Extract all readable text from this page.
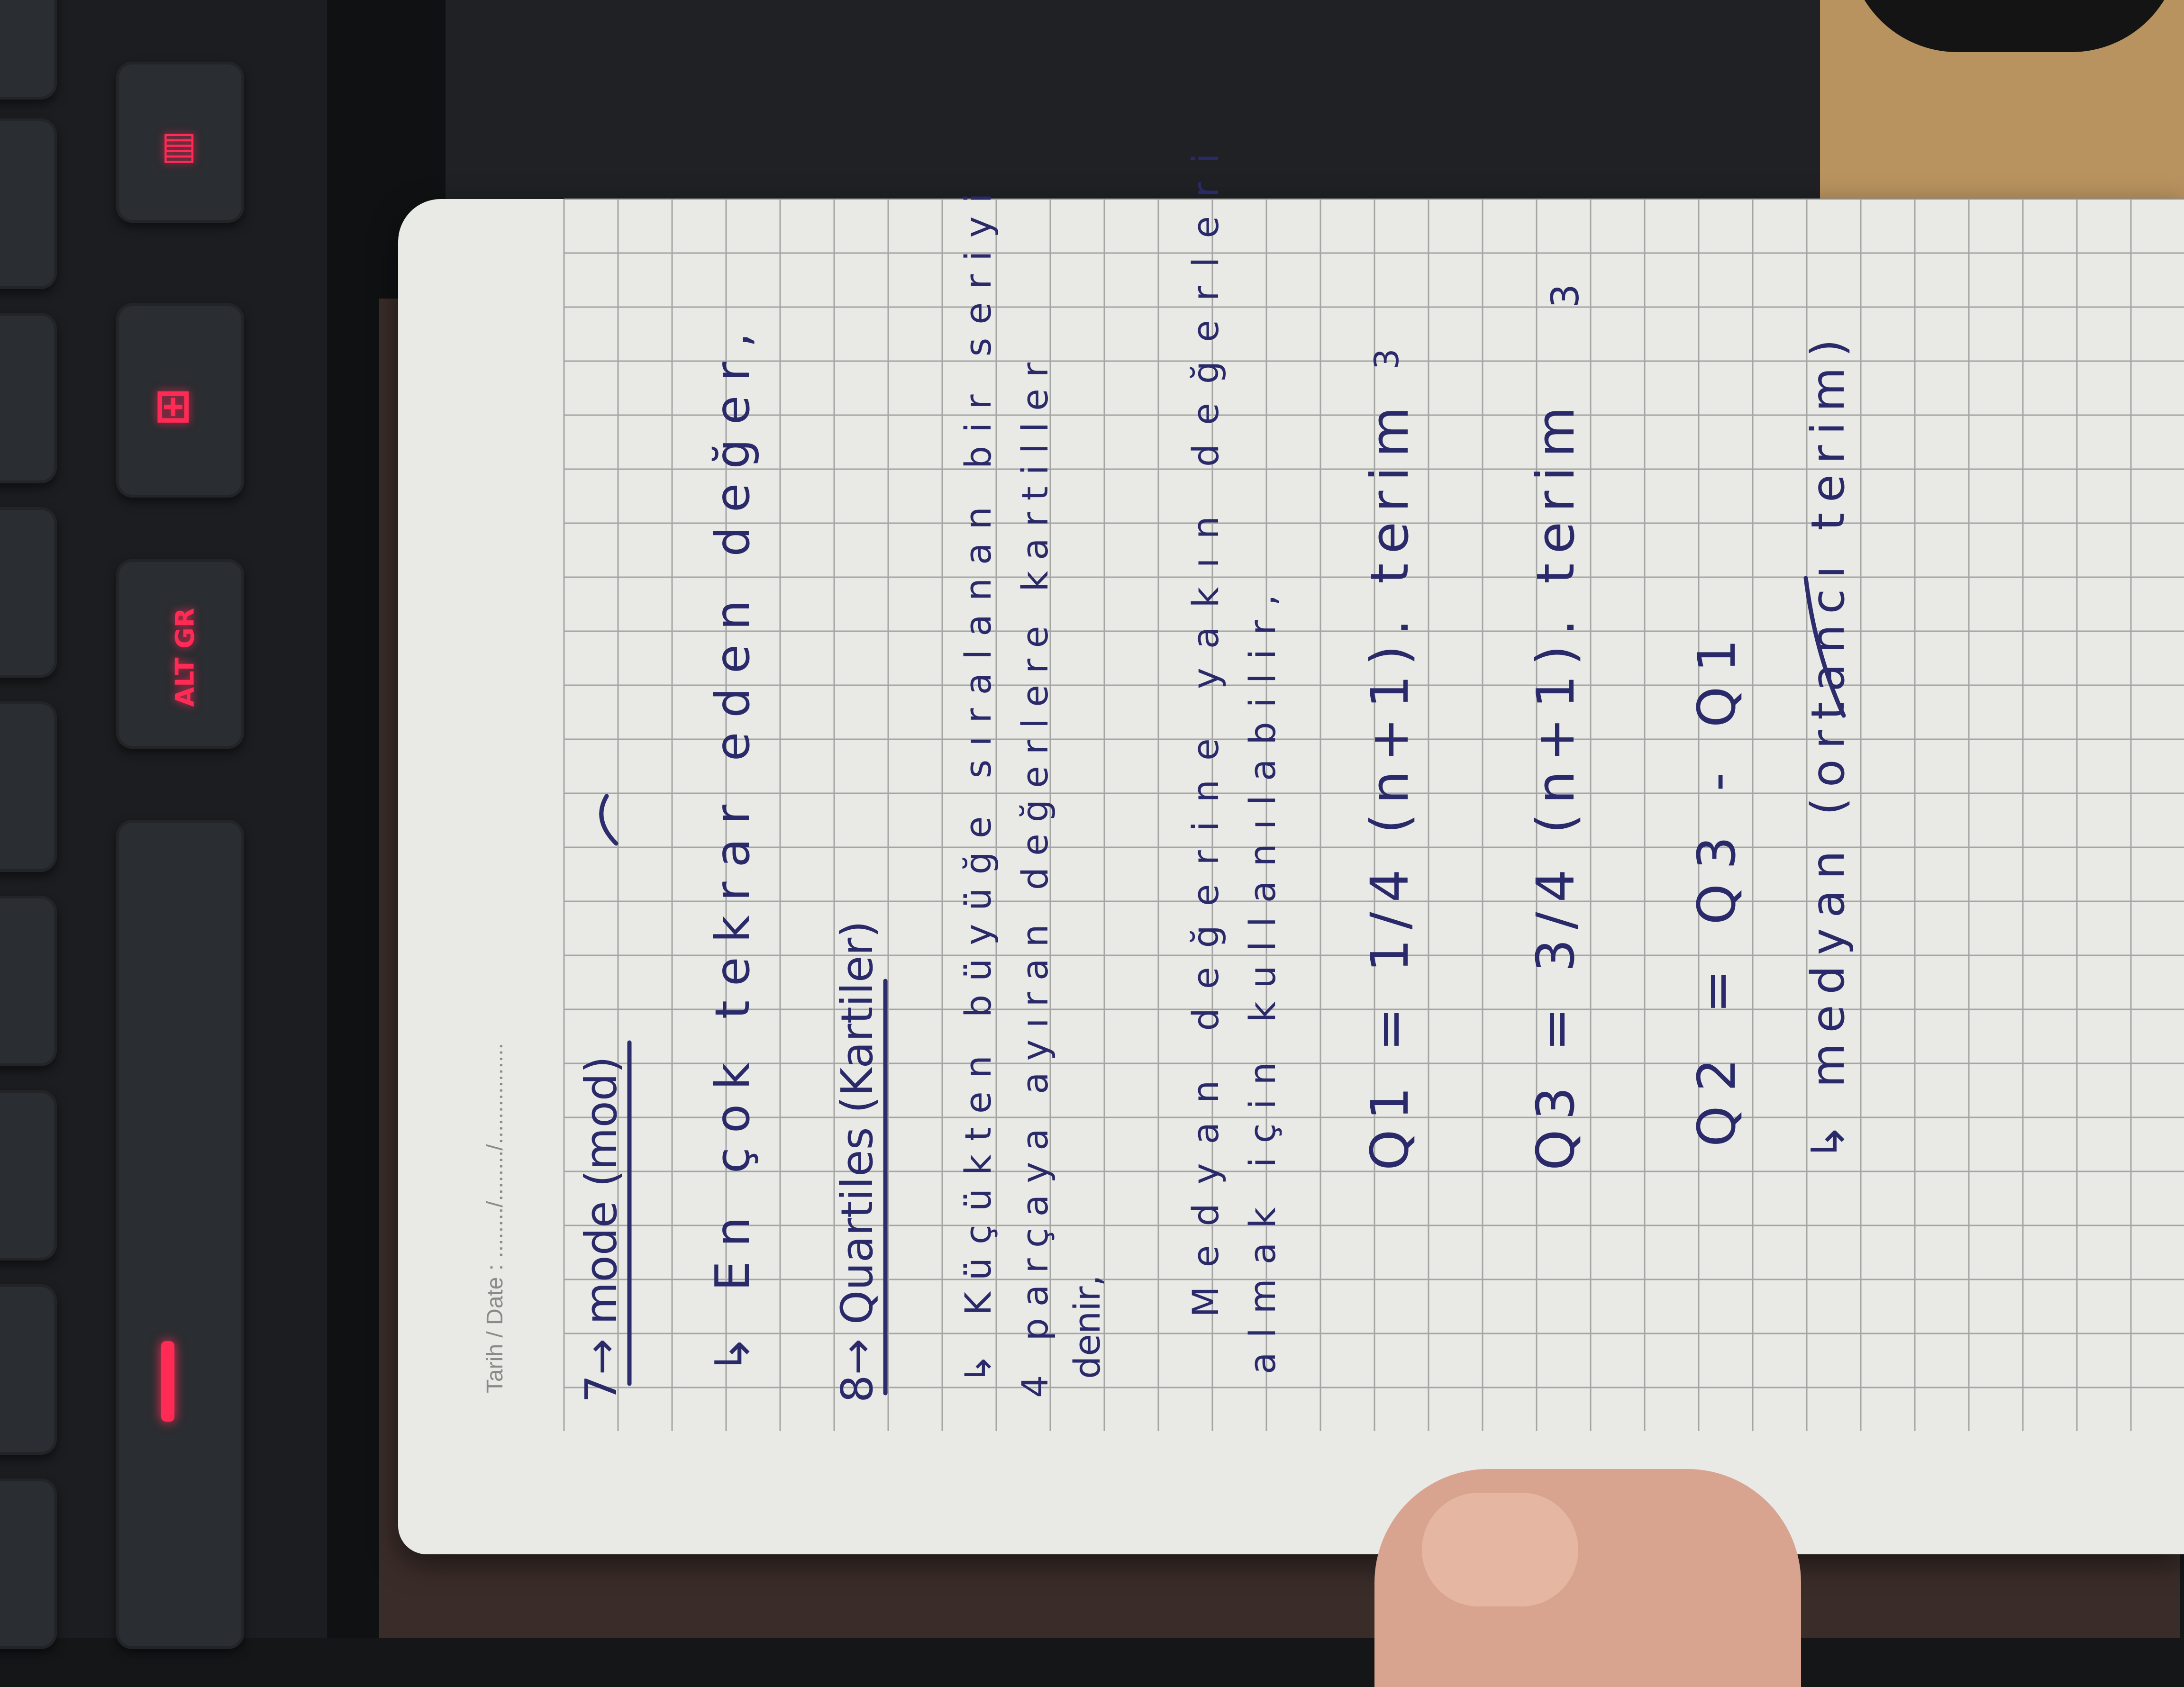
▤
⊞
ALT GR
Tarih / Date : ......../......../................ 7→ mode (mod) ↳ En çok tekrar eden değer, 8→ Quartiles (Kartiler) ↳ Küçükten büyüğe sıralanan bir seriyi 4 parçaya ayıran değerlere kartiller denir,
Medyan değerine yakın değerleri almak için kullanılabilir, Q1 = 1/4 (n+1). terim Q3 = 3/4 (n+1). terim Q2 = Q3 - Q1 ↳ medyan (ortancı terim)
3
3
